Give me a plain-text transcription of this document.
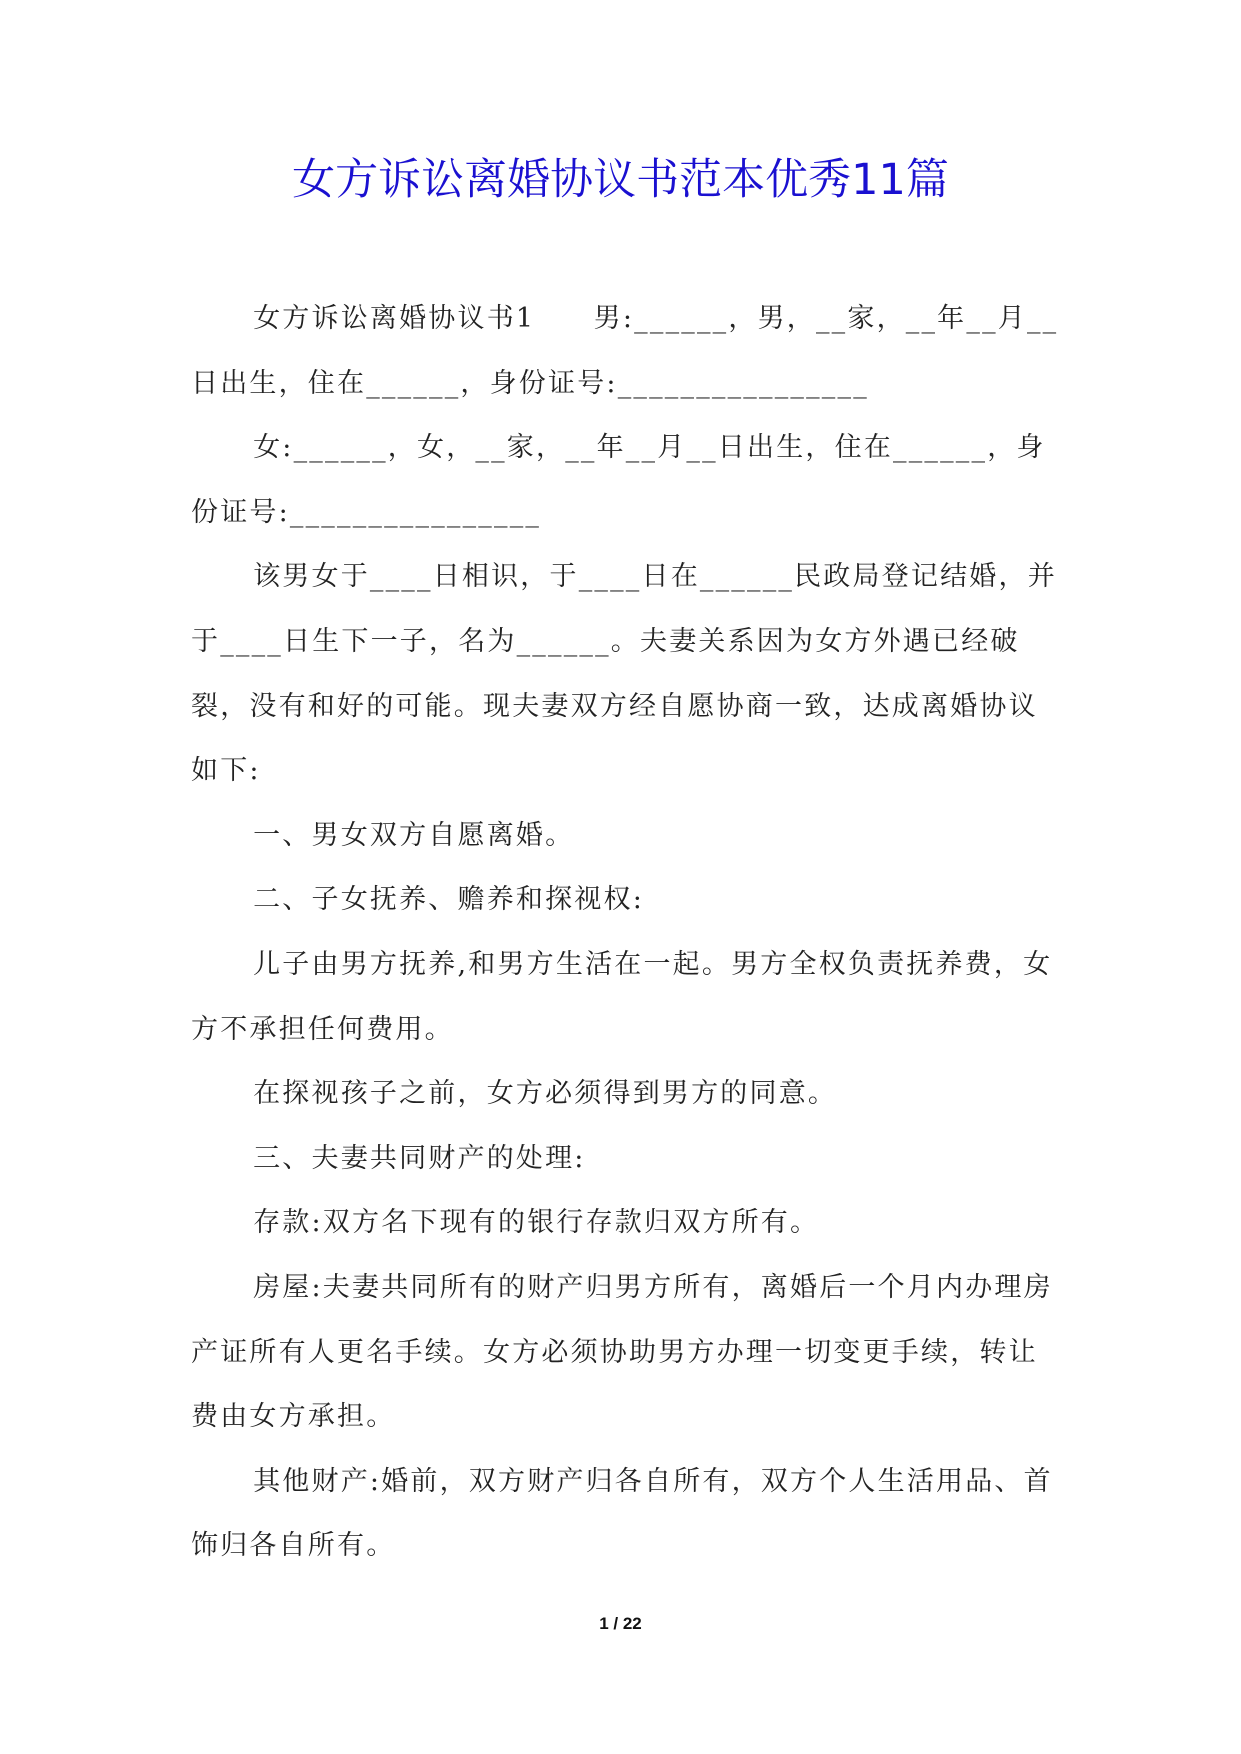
女方诉讼离婚协议书范本优秀11篇

女方诉讼离婚协议书1　　男:______，男，__家，__年__月__日出生，住在______，身份证号:________________

女:______，女，__家，__年__月__日出生，住在______，身份证号:________________

该男女于____日相识，于____日在______民政局登记结婚，并于____日生下一子，名为______。夫妻关系因为女方外遇已经破裂，没有和好的可能。现夫妻双方经自愿协商一致，达成离婚协议如下:

一、男女双方自愿离婚。

二、子女抚养、赡养和探视权:

儿子由男方抚养,和男方生活在一起。男方全权负责抚养费，女方不承担任何费用。

在探视孩子之前，女方必须得到男方的同意。

三、夫妻共同财产的处理:

存款:双方名下现有的银行存款归双方所有。

房屋:夫妻共同所有的财产归男方所有，离婚后一个月内办理房产证所有人更名手续。女方必须协助男方办理一切变更手续，转让费由女方承担。

其他财产:婚前，双方财产归各自所有，双方个人生活用品、首饰归各自所有。

1 / 22
